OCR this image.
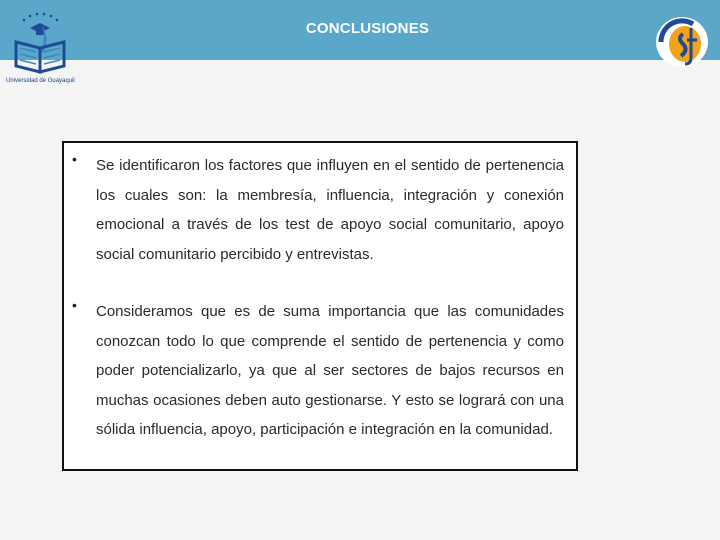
CONCLUSIONES
Universidad de Guayaquil
• Se identificaron los factores que influyen en el sentido de pertenencia los cuales son: la membresía, influencia, integración y conexión emocional a través de los test de apoyo social comunitario, apoyo social comunitario percibido y entrevistas.

• Consideramos que es de suma importancia que las comunidades conozcan todo lo que comprende el sentido de pertenencia y como poder potencializarlo, ya que al ser sectores de bajos recursos en muchas ocasiones deben auto gestionarse. Y esto se logrará con una sólida influencia, apoyo, participación e integración en la comunidad.
